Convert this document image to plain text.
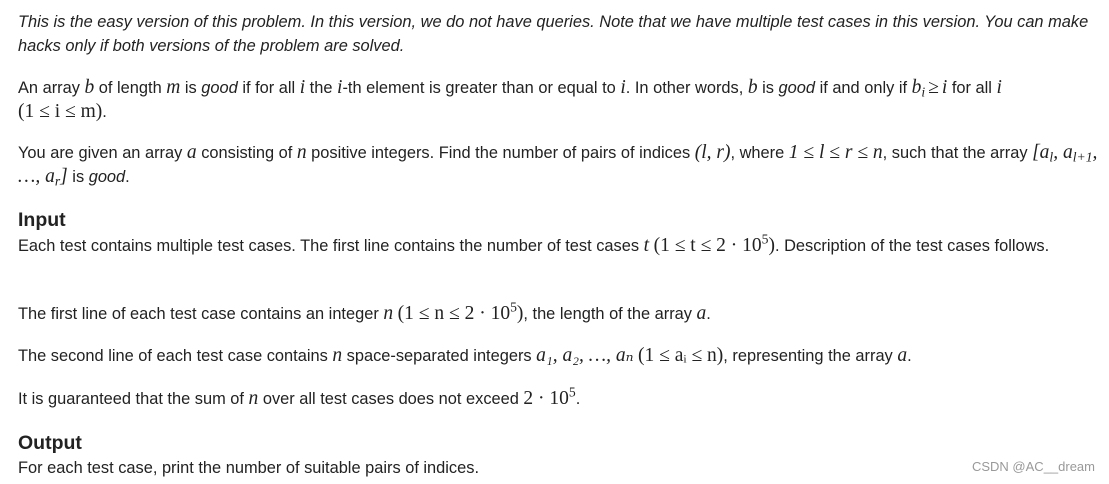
This is the easy version of this problem. In this version, we do not have queries. Note that we have multiple test cases in this version. You can make hacks only if both versions of the problem are solved.

An array b of length m is good if for all i the i-th element is greater than or equal to i. In other words, b is good if and only if $b_i \ge i$ for all i
(1 ≤ i ≤ m).

You are given an array a consisting of n positive integers. Find the number of pairs of indices (l, r), where 1 ≤ l ≤ r ≤ n, such that the array [$a_l$, $a_{l+1}$, …, $a_r$] is good.

Input

Each test contains multiple test cases. The first line contains the number of test cases t $(1 \le t \le 2 \cdot 10^5)$. Description of the test cases follows.

The first line of each test case contains an integer n $(1 \le n \le 2 \cdot 10^5)$, the length of the array a.

The second line of each test case contains n space-separated integers a₁, a₂, …, aₙ (1 ≤ aᵢ ≤ n), representing the array a.

It is guaranteed that the sum of n over all test cases does not exceed $2 \cdot 10^5$.

Output

For each test case, print the number of suitable pairs of indices.	CSDN @AC__dream
